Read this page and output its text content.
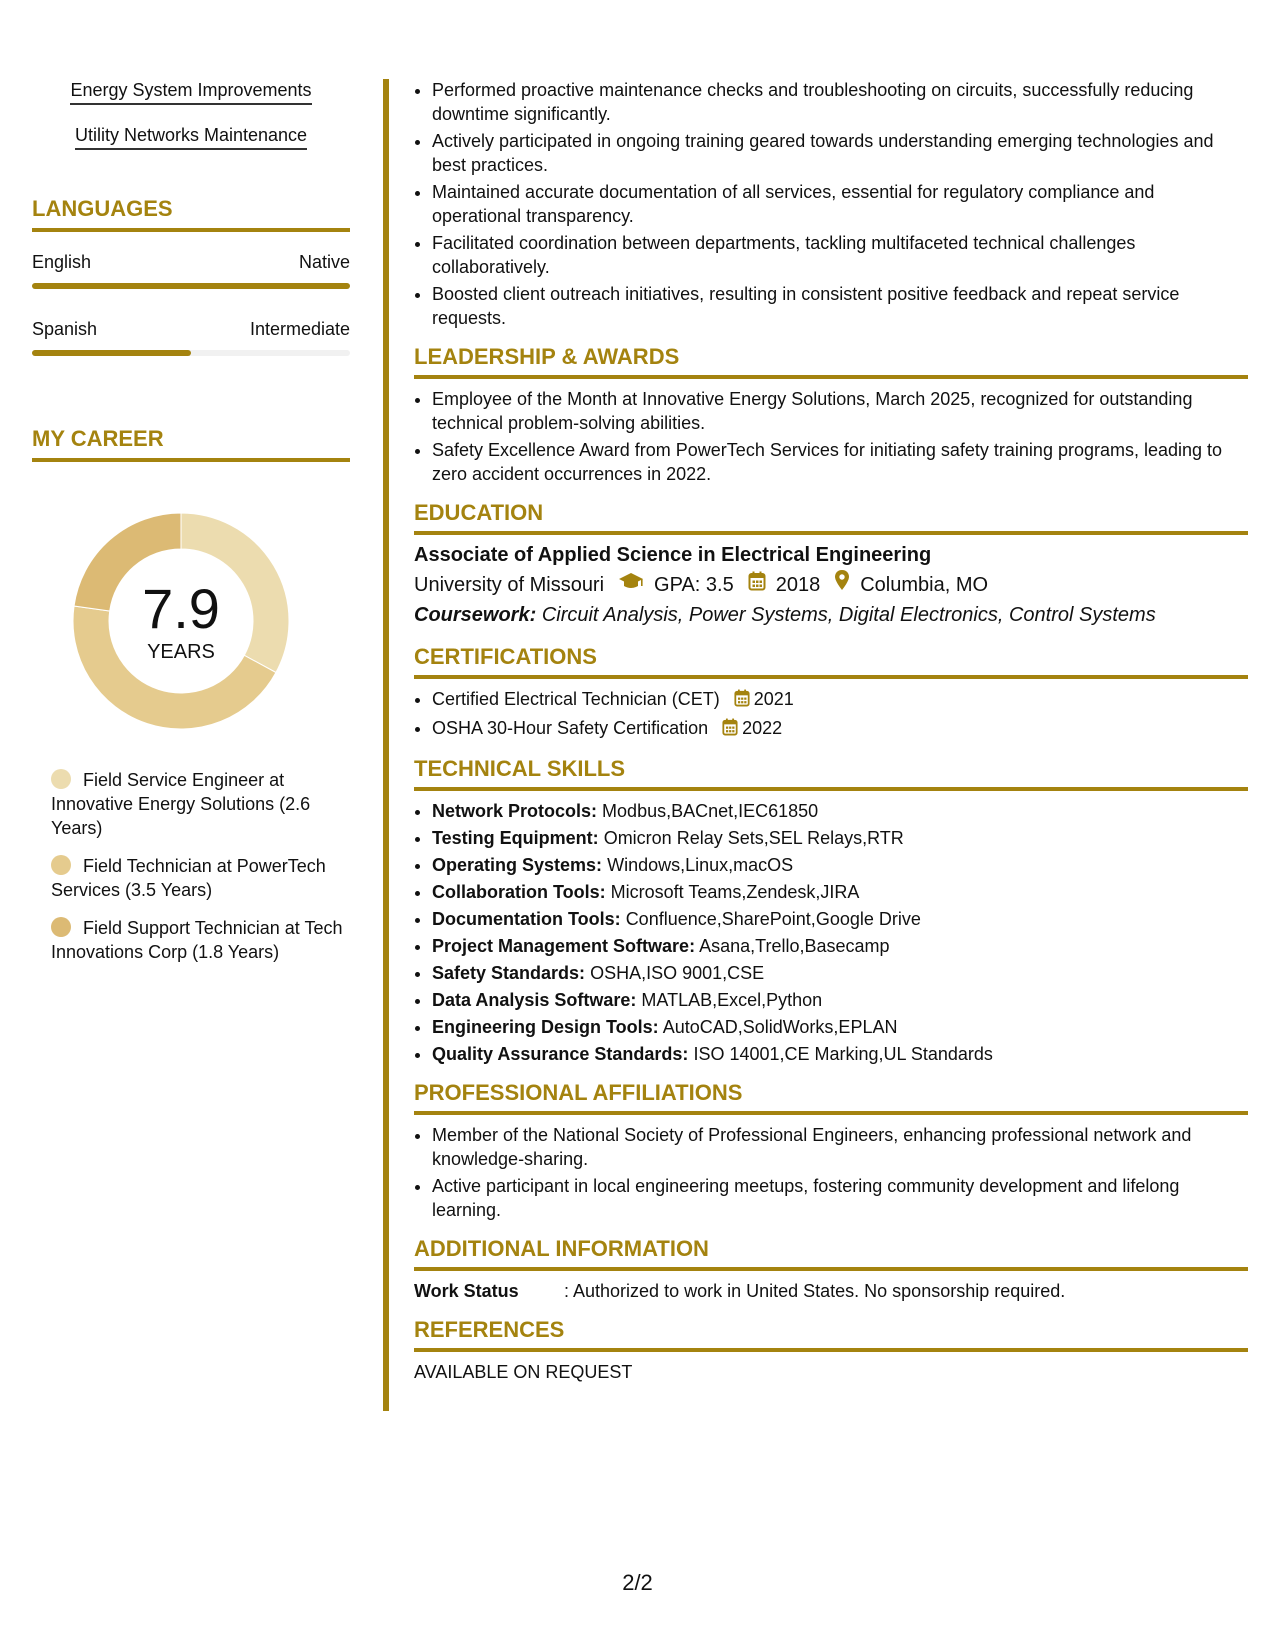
Energy System Improvements
Utility Networks Maintenance
LANGUAGES
English	Native
Spanish	Intermediate
MY CAREER
7.9
YEARS
Field Service Engineer at Innovative Energy Solutions (2.6 Years)
Field Technician at PowerTech Services (3.5 Years)
Field Support Technician at Tech Innovations Corp (1.8 Years)
• Performed proactive maintenance checks and troubleshooting on circuits, successfully reducing downtime significantly.
• Actively participated in ongoing training geared towards understanding emerging technologies and best practices.
• Maintained accurate documentation of all services, essential for regulatory compliance and operational transparency.
• Facilitated coordination between departments, tackling multifaceted technical challenges collaboratively.
• Boosted client outreach initiatives, resulting in consistent positive feedback and repeat service requests.
LEADERSHIP & AWARDS
• Employee of the Month at Innovative Energy Solutions, March 2025, recognized for outstanding technical problem-solving abilities.
• Safety Excellence Award from PowerTech Services for initiating safety training programs, leading to zero accident occurrences in 2022.
EDUCATION
Associate of Applied Science in Electrical Engineering
University of Missouri	GPA: 3.5 2018 Columbia, MO
Coursework: Circuit Analysis, Power Systems, Digital Electronics, Control Systems
CERTIFICATIONS
• Certified Electrical Technician (CET) 2021
• OSHA 30-Hour Safety Certification 2022
TECHNICAL SKILLS
• Network Protocols: Modbus,BACnet,IEC61850
• Testing Equipment: Omicron Relay Sets,SEL Relays,RTR
• Operating Systems: Windows,Linux,macOS
• Collaboration Tools: Microsoft Teams,Zendesk,JIRA
• Documentation Tools: Confluence,SharePoint,Google Drive
• Project Management Software: Asana,Trello,Basecamp
• Safety Standards: OSHA,ISO 9001,CSE
• Data Analysis Software: MATLAB,Excel,Python
• Engineering Design Tools: AutoCAD,SolidWorks,EPLAN
• Quality Assurance Standards: ISO 14001,CE Marking,UL Standards
PROFESSIONAL AFFILIATIONS
• Member of the National Society of Professional Engineers, enhancing professional network and knowledge-sharing.
• Active participant in local engineering meetups, fostering community development and lifelong learning.
ADDITIONAL INFORMATION
Work Status	: Authorized to work in United States. No sponsorship required.
REFERENCES
AVAILABLE ON REQUEST
2/2
